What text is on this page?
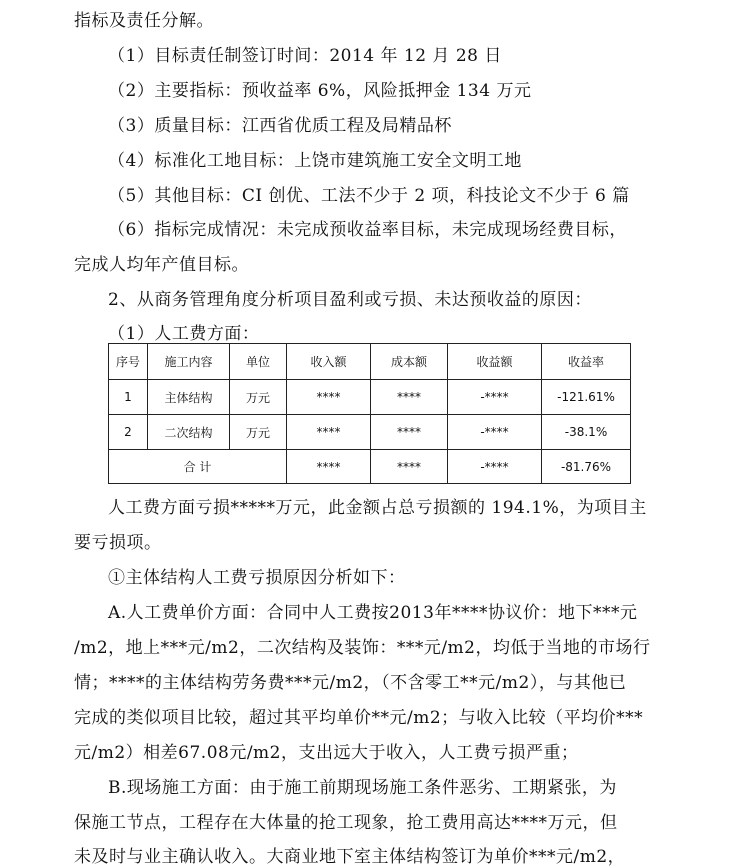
指标及责任分解。
（1）目标责任制签订时间：2014 年 12 月 28 日
（2）主要指标：预收益率 6%，风险抵押金 134 万元
（3）质量目标：江西省优质工程及局精品杯
（4）标准化工地目标：上饶市建筑施工安全文明工地
（5）其他目标：CI 创优、工法不少于 2 项，科技论文不少于 6 篇
（6）指标完成情况：未完成预收益率目标，未完成现场经费目标，
完成人均年产值目标。
2、从商务管理角度分析项目盈利或亏损、未达预收益的原因：
（1）人工费方面：
序号	施工内容	单位	收入额	成本额	收益额	收益率
1	主体结构	万元	****	****	-****	-121.61%
2	二次结构	万元	****	****	-****	-38.1%
合 计			****	****	-****	-81.76%
人工费方面亏损*****万元，此金额占总亏损额的 194.1%，为项目主
要亏损项。
①主体结构人工费亏损原因分析如下：
A.人工费单价方面：合同中人工费按2013年****协议价：地下***元
/m2，地上***元/m2，二次结构及装饰：***元/m2，均低于当地的市场行
情；****的主体结构劳务费***元/m2，（不含零工**元/m2），与其他已
完成的类似项目比较，超过其平均单价**元/m2；与收入比较（平均价***
元/m2）相差67.08元/m2，支出远大于收入，人工费亏损严重；
B.现场施工方面：由于施工前期现场施工条件恶劣、工期紧张，为
保施工节点，工程存在大体量的抢工现象，抢工费用高达****万元，但
未及时与业主确认收入。大商业地下室主体结构签订为单价***元/m2，
